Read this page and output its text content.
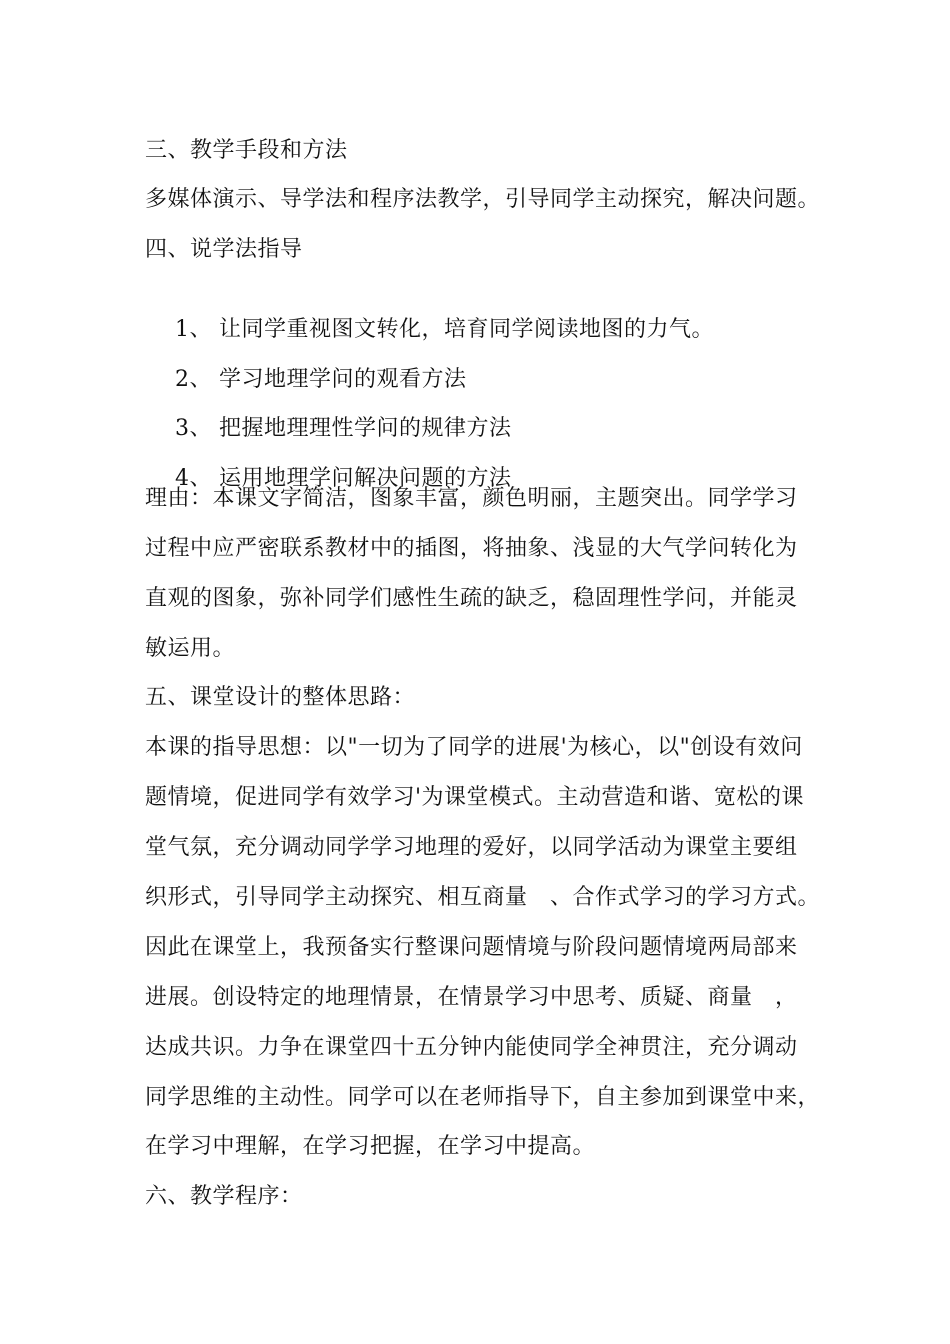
三、教学手段和方法
多媒体演示、导学法和程序法教学，引导同学主动探究，解决问题。
四、说学法指导

1、 让同学重视图文转化，培育同学阅读地图的力气。

2、 学习地理学问的观看方法

3、 把握地理理性学问的规律方法

4、 运用地理学问解决问题的方法

理由：本课文字简洁，图象丰富，颜色明丽，主题突出。同学学习
过程中应严密联系教材中的插图，将抽象、浅显的大气学问转化为
直观的图象，弥补同学们感性生疏的缺乏，稳固理性学问，并能灵
敏运用。
五、课堂设计的整体思路：
本课的指导思想：以"一切为了同学的进展'为核心，以"创设有效问
题情境，促进同学有效学习'为课堂模式。主动营造和谐、宽松的课
堂气氛，充分调动同学学习地理的爱好，以同学活动为课堂主要组
织形式，引导同学主动探究、相互商量　、合作式学习的学习方式。
因此在课堂上，我预备实行整课问题情境与阶段问题情境两局部来
进展。创设特定的地理情景，在情景学习中思考、质疑、商量　，
达成共识。力争在课堂四十五分钟内能使同学全神贯注，充分调动
同学思维的主动性。同学可以在老师指导下，自主参加到课堂中来，
在学习中理解，在学习把握，在学习中提高。
六、教学程序：
